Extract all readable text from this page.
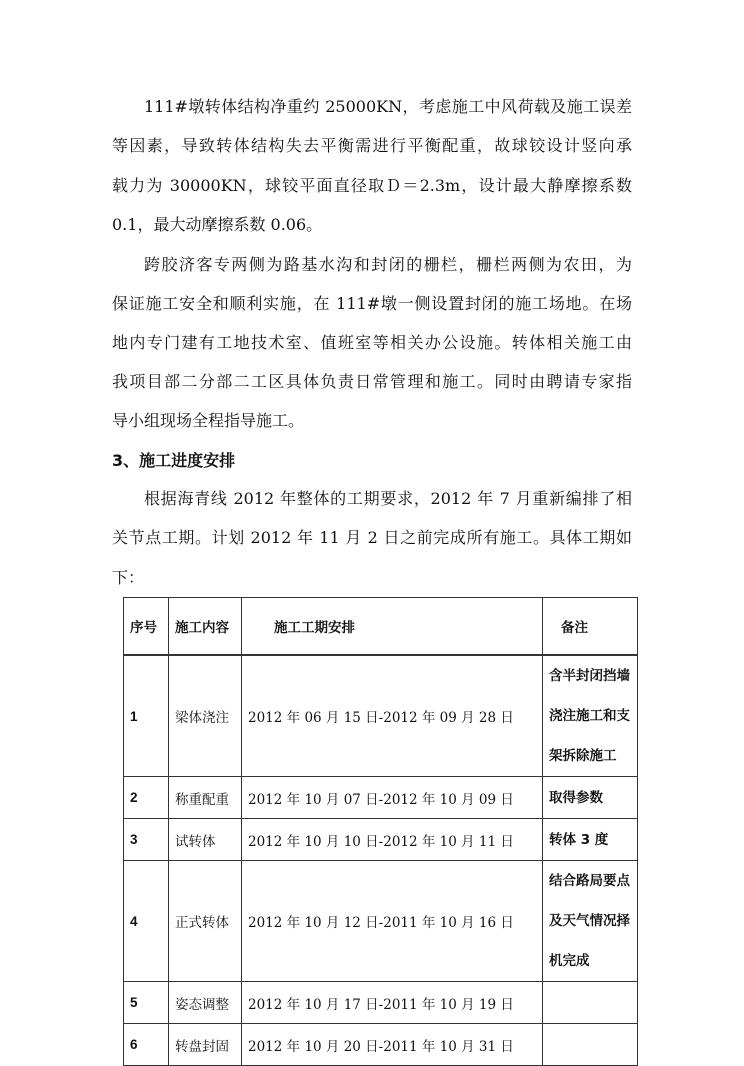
111#墩转体结构净重约 25000KN，考虑施工中风荷载及施工误差
等因素，导致转体结构失去平衡需进行平衡配重，故球铰设计竖向承
载力为 30000KN，球铰平面直径取Ｄ＝2.3m，设计最大静摩擦系数
0.1，最大动摩擦系数 0.06。
跨胶济客专两侧为路基水沟和封闭的栅栏，栅栏两侧为农田，为
保证施工安全和顺利实施，在 111#墩一侧设置封闭的施工场地。在场
地内专门建有工地技术室、值班室等相关办公设施。转体相关施工由
我项目部二分部二工区具体负责日常管理和施工。同时由聘请专家指
导小组现场全程指导施工。
3、施工进度安排
根据海青线 2012 年整体的工期要求，2012 年 7 月重新编排了相
关节点工期。计划 2012 年 11 月 2 日之前完成所有施工。具体工期如
下：
序号	施工内容	施工工期安排	备注
1	梁体浇注	2012 年 06 月 15 日-2012 年 09 月 28 日	含半封闭挡墙浇注施工和支架拆除施工
2	称重配重	2012 年 10 月 07 日-2012 年 10 月 09 日	取得参数
3	试转体	2012 年 10 月 10 日-2012 年 10 月 11 日	转体 3 度
4	正式转体	2012 年 10 月 12 日-2011 年 10 月 16 日	结合路局要点及天气情况择机完成
5	姿态调整	2012 年 10 月 17 日-2011 年 10 月 19 日	
6	转盘封固	2012 年 10 月 20 日-2011 年 10 月 31 日	
